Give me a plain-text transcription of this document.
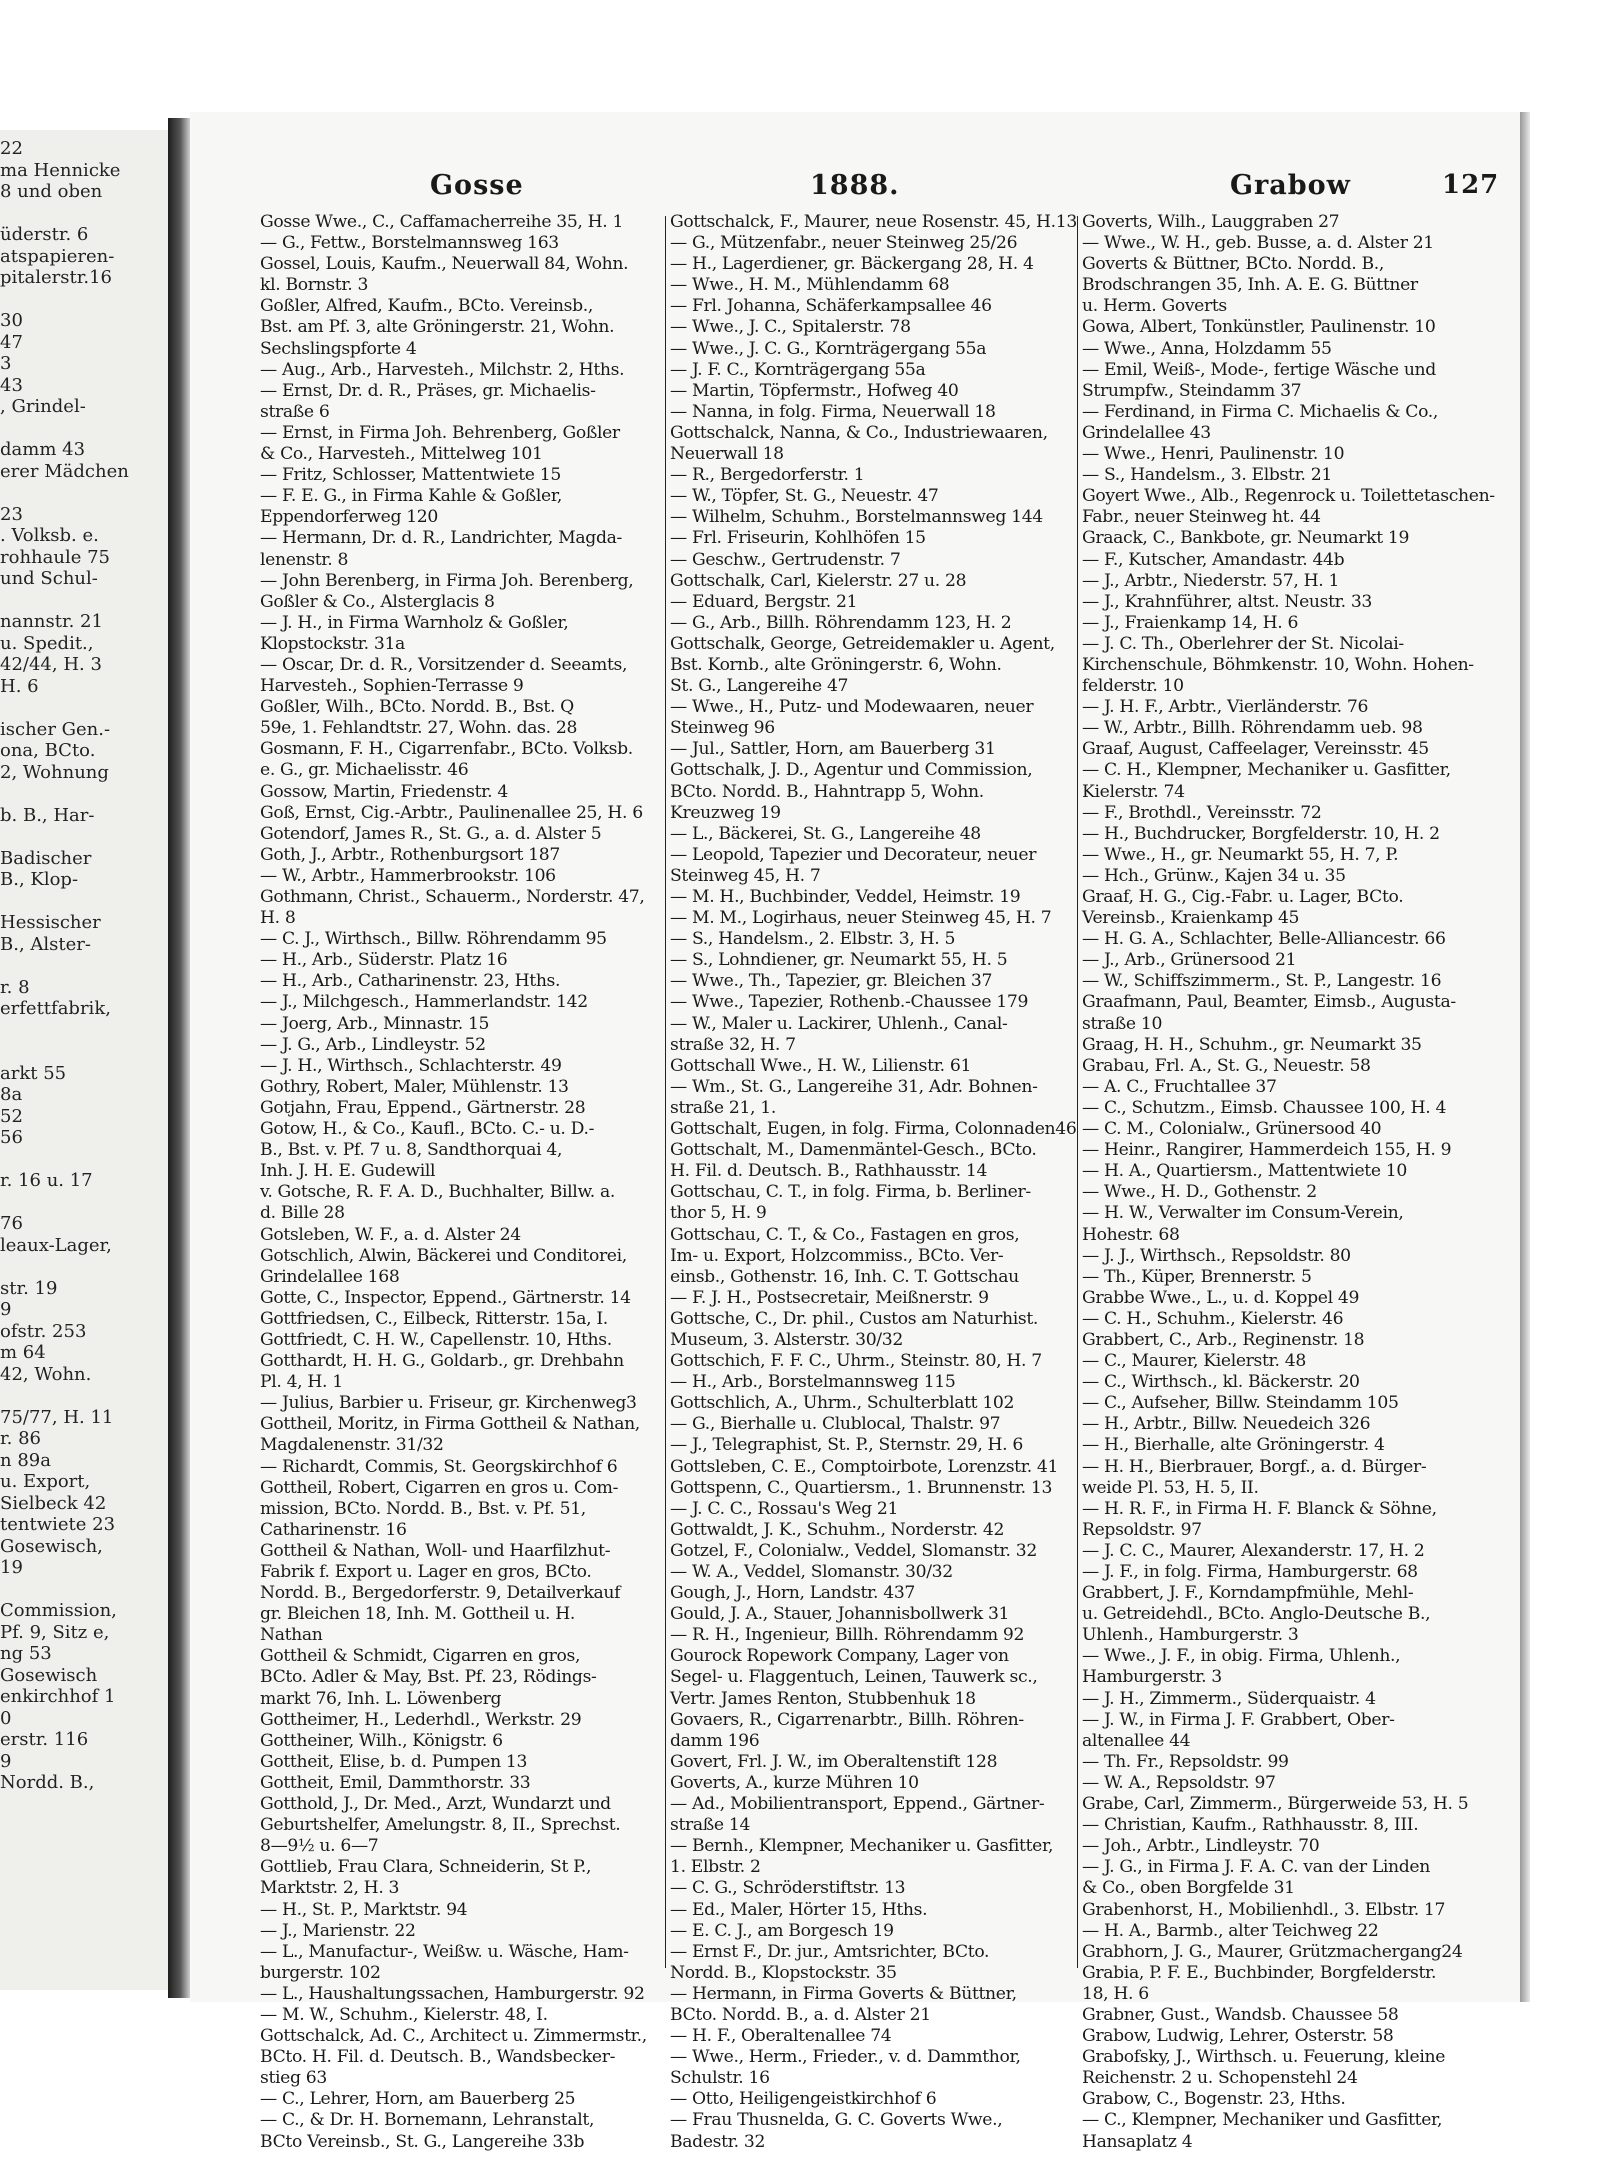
22
ma Hennicke
8 und oben
üderstr. 6
atspapieren-
pitalerstr.16
30
47
3
43
, Grindel-
damm 43
erer Mädchen
23
. Volksb. e.
rohhaule 75
und Schul-
nannstr. 21
u. Spedit.,
42/44, H. 3
H. 6
ischer Gen.-
ona, BCto.
2, Wohnung
b. B., Har-
Badischer
B., Klop-
Hessischer
B., Alster-
r. 8
erfettfabrik,
arkt 55
8a
52
56
r. 16 u. 17
76
leaux-Lager,
str. 19
9
ofstr. 253
m 64
42, Wohn.
75/77, H. 11
r. 86
n 89a
u. Export,
Sielbeck 42
tentwiete 23
Gosewisch,
19
Commission,
Pf. 9, Sitz e,
ng 53
Gosewisch
enkirchhof 1
0
erstr. 116
9
Nordd. B.,
Gosse	1888.	Grabow	127
Gosse Wwe., C., Caffamacherreihe 35, H. 1
— G., Fettw., Borstelmannsweg 163
Gossel, Louis, Kaufm., Neuerwall 84, Wohn.
kl. Bornstr. 3
Goßler, Alfred, Kaufm., BCto. Vereinsb.,
Bst. am Pf. 3, alte Gröningerstr. 21, Wohn.
Sechslingspforte 4
— Aug., Arb., Harvesteh., Milchstr. 2, Hths.
— Ernst, Dr. d. R., Präses, gr. Michaelis-
straße 6
— Ernst, in Firma Joh. Behrenberg, Goßler
& Co., Harvesteh., Mittelweg 101
— Fritz, Schlosser, Mattentwiete 15
— F. E. G., in Firma Kahle & Goßler,
Eppendorferweg 120
— Hermann, Dr. d. R., Landrichter, Magda-
lenenstr. 8
— John Berenberg, in Firma Joh. Berenberg,
Goßler & Co., Alsterglacis 8
— J. H., in Firma Warnholz & Goßler,
Klopstockstr. 31a
— Oscar, Dr. d. R., Vorsitzender d. Seeamts,
Harvesteh., Sophien-Terrasse 9
Goßler, Wilh., BCto. Nordd. B., Bst. Q
59e, 1. Fehlandtstr. 27, Wohn. das. 28
Gosmann, F. H., Cigarrenfabr., BCto. Volksb.
e. G., gr. Michaelisstr. 46
Gossow, Martin, Friedenstr. 4
Goß, Ernst, Cig.-Arbtr., Paulinenallee 25, H. 6
Gotendorf, James R., St. G., a. d. Alster 5
Goth, J., Arbtr., Rothenburgsort 187
— W., Arbtr., Hammerbrookstr. 106
Gothmann, Christ., Schauerm., Norderstr. 47,
H. 8
— C. J., Wirthsch., Billw. Röhrendamm 95
— H., Arb., Süderstr. Platz 16
— H., Arb., Catharinenstr. 23, Hths.
— J., Milchgesch., Hammerlandstr. 142
— Joerg, Arb., Minnastr. 15
— J. G., Arb., Lindleystr. 52
— J. H., Wirthsch., Schlachterstr. 49
Gothry, Robert, Maler, Mühlenstr. 13
Gotjahn, Frau, Eppend., Gärtnerstr. 28
Gotow, H., & Co., Kaufl., BCto. C.- u. D.-
B., Bst. v. Pf. 7 u. 8, Sandthorquai 4,
Inh. J. H. E. Gudewill
v. Gotsche, R. F. A. D., Buchhalter, Billw. a.
d. Bille 28
Gotsleben, W. F., a. d. Alster 24
Gotschlich, Alwin, Bäckerei und Conditorei,
Grindelallee 168
Gotte, C., Inspector, Eppend., Gärtnerstr. 14
Gottfriedsen, C., Eilbeck, Ritterstr. 15a, I.
Gottfriedt, C. H. W., Capellenstr. 10, Hths.
Gotthardt, H. H. G., Goldarb., gr. Drehbahn
Pl. 4, H. 1
— Julius, Barbier u. Friseur, gr. Kirchenweg3
Gottheil, Moritz, in Firma Gottheil & Nathan,
Magdalenenstr. 31/32
— Richardt, Commis, St. Georgskirchhof 6
Gottheil, Robert, Cigarren en gros u. Com-
mission, BCto. Nordd. B., Bst. v. Pf. 51,
Catharinenstr. 16
Gottheil & Nathan, Woll- und Haarfilzhut-
Fabrik f. Export u. Lager en gros, BCto.
Nordd. B., Bergedorferstr. 9, Detailverkauf
gr. Bleichen 18, Inh. M. Gottheil u. H.
Nathan
Gottheil & Schmidt, Cigarren en gros,
BCto. Adler & May, Bst. Pf. 23, Rödings-
markt 76, Inh. L. Löwenberg
Gottheimer, H., Lederhdl., Werkstr. 29
Gottheiner, Wilh., Königstr. 6
Gottheit, Elise, b. d. Pumpen 13
Gottheit, Emil, Dammthorstr. 33
Gotthold, J., Dr. Med., Arzt, Wundarzt und
Geburtshelfer, Amelungstr. 8, II., Sprechst.
8—9½ u. 6—7
Gottlieb, Frau Clara, Schneiderin, St P.,
Marktstr. 2, H. 3
— H., St. P., Marktstr. 94
— J., Marienstr. 22
— L., Manufactur-, Weißw. u. Wäsche, Ham-
burgerstr. 102
— L., Haushaltungssachen, Hamburgerstr. 92
— M. W., Schuhm., Kielerstr. 48, I.
Gottschalck, Ad. C., Architect u. Zimmermstr.,
BCto. H. Fil. d. Deutsch. B., Wandsbecker-
stieg 63
— C., Lehrer, Horn, am Bauerberg 25
— C., & Dr. H. Bornemann, Lehranstalt,
BCto Vereinsb., St. G., Langereihe 33b
Gottschalck, F., Maurer, neue Rosenstr. 45, H.13
— G., Mützenfabr., neuer Steinweg 25/26
— H., Lagerdiener, gr. Bäckergang 28, H. 4
— Wwe., H. M., Mühlendamm 68
— Frl. Johanna, Schäferkampsallee 46
— Wwe., J. C., Spitalerstr. 78
— Wwe., J. C. G., Kornträgergang 55a
— J. F. C., Kornträgergang 55a
— Martin, Töpfermstr., Hofweg 40
— Nanna, in folg. Firma, Neuerwall 18
Gottschalck, Nanna, & Co., Industriewaaren,
Neuerwall 18
— R., Bergedorferstr. 1
— W., Töpfer, St. G., Neuestr. 47
— Wilhelm, Schuhm., Borstelmannsweg 144
— Frl. Friseurin, Kohlhöfen 15
— Geschw., Gertrudenstr. 7
Gottschalk, Carl, Kielerstr. 27 u. 28
— Eduard, Bergstr. 21
— G., Arb., Billh. Röhrendamm 123, H. 2
Gottschalk, George, Getreidemakler u. Agent,
Bst. Kornb., alte Gröningerstr. 6, Wohn.
St. G., Langereihe 47
— Wwe., H., Putz- und Modewaaren, neuer
Steinweg 96
— Jul., Sattler, Horn, am Bauerberg 31
Gottschalk, J. D., Agentur und Commission,
BCto. Nordd. B., Hahntrapp 5, Wohn.
Kreuzweg 19
— L., Bäckerei, St. G., Langereihe 48
— Leopold, Tapezier und Decorateur, neuer
Steinweg 45, H. 7
— M. H., Buchbinder, Veddel, Heimstr. 19
— M. M., Logirhaus, neuer Steinweg 45, H. 7
— S., Handelsm., 2. Elbstr. 3, H. 5
— S., Lohndiener, gr. Neumarkt 55, H. 5
— Wwe., Th., Tapezier, gr. Bleichen 37
— Wwe., Tapezier, Rothenb.-Chaussee 179
— W., Maler u. Lackirer, Uhlenh., Canal-
straße 32, H. 7
Gottschall Wwe., H. W., Lilienstr. 61
— Wm., St. G., Langereihe 31, Adr. Bohnen-
straße 21, 1.
Gottschalt, Eugen, in folg. Firma, Colonnaden46
Gottschalt, M., Damenmäntel-Gesch., BCto.
H. Fil. d. Deutsch. B., Rathhausstr. 14
Gottschau, C. T., in folg. Firma, b. Berliner-
thor 5, H. 9
Gottschau, C. T., & Co., Fastagen en gros,
Im- u. Export, Holzcommiss., BCto. Ver-
einsb., Gothenstr. 16, Inh. C. T. Gottschau
— F. J. H., Postsecretair, Meißnerstr. 9
Gottsche, C., Dr. phil., Custos am Naturhist.
Museum, 3. Alsterstr. 30/32
Gottschich, F. F. C., Uhrm., Steinstr. 80, H. 7
— H., Arb., Borstelmannsweg 115
Gottschlich, A., Uhrm., Schulterblatt 102
— G., Bierhalle u. Clublocal, Thalstr. 97
— J., Telegraphist, St. P., Sternstr. 29, H. 6
Gottsleben, C. E., Comptoirbote, Lorenzstr. 41
Gottspenn, C., Quartiersm., 1. Brunnenstr. 13
— J. C. C., Rossau's Weg 21
Gottwaldt, J. K., Schuhm., Norderstr. 42
Gotzel, F., Colonialw., Veddel, Slomanstr. 32
— W. A., Veddel, Slomanstr. 30/32
Gough, J., Horn, Landstr. 437
Gould, J. A., Stauer, Johannisbollwerk 31
— R. H., Ingenieur, Billh. Röhrendamm 92
Gourock Ropework Company, Lager von
Segel- u. Flaggentuch, Leinen, Tauwerk sc.,
Vertr. James Renton, Stubbenhuk 18
Govaers, R., Cigarrenarbtr., Billh. Röhren-
damm 196
Govert, Frl. J. W., im Oberaltenstift 128
Goverts, A., kurze Mühren 10
— Ad., Mobilientransport, Eppend., Gärtner-
straße 14
— Bernh., Klempner, Mechaniker u. Gasfitter,
1. Elbstr. 2
— C. G., Schröderstiftstr. 13
— Ed., Maler, Hörter 15, Hths.
— E. C. J., am Borgesch 19
— Ernst F., Dr. jur., Amtsrichter, BCto.
Nordd. B., Klopstockstr. 35
— Hermann, in Firma Goverts & Büttner,
BCto. Nordd. B., a. d. Alster 21
— H. F., Oberaltenallee 74
— Wwe., Herm., Frieder., v. d. Dammthor,
Schulstr. 16
— Otto, Heiligengeistkirchhof 6
— Frau Thusnelda, G. C. Goverts Wwe.,
Badestr. 32
Goverts, Wilh., Lauggraben 27
— Wwe., W. H., geb. Busse, a. d. Alster 21
Goverts & Büttner, BCto. Nordd. B.,
Brodschrangen 35, Inh. A. E. G. Büttner
u. Herm. Goverts
Gowa, Albert, Tonkünstler, Paulinenstr. 10
— Wwe., Anna, Holzdamm 55
— Emil, Weiß-, Mode-, fertige Wäsche und
Strumpfw., Steindamm 37
— Ferdinand, in Firma C. Michaelis & Co.,
Grindelallee 43
— Wwe., Henri, Paulinenstr. 10
— S., Handelsm., 3. Elbstr. 21
Goyert Wwe., Alb., Regenrock u. Toilettetaschen-
Fabr., neuer Steinweg ht. 44
Graack, C., Bankbote, gr. Neumarkt 19
— F., Kutscher, Amandastr. 44b
— J., Arbtr., Niederstr. 57, H. 1
— J., Krahnführer, altst. Neustr. 33
— J., Fraienkamp 14, H. 6
— J. C. Th., Oberlehrer der St. Nicolai-
Kirchenschule, Böhmkenstr. 10, Wohn. Hohen-
felderstr. 10
— J. H. F., Arbtr., Vierländerstr. 76
— W., Arbtr., Billh. Röhrendamm ueb. 98
Graaf, August, Caffeelager, Vereinsstr. 45
— C. H., Klempner, Mechaniker u. Gasfitter,
Kielerstr. 74
— F., Brothdl., Vereinsstr. 72
— H., Buchdrucker, Borgfelderstr. 10, H. 2
— Wwe., H., gr. Neumarkt 55, H. 7, P.
— Hch., Grünw., Kajen 34 u. 35
Graaf, H. G., Cig.-Fabr. u. Lager, BCto.
Vereinsb., Kraienkamp 45
— H. G. A., Schlachter, Belle-Alliancestr. 66
— J., Arb., Grünersood 21
— W., Schiffszimmerm., St. P., Langestr. 16
Graafmann, Paul, Beamter, Eimsb., Augusta-
straße 10
Graag, H. H., Schuhm., gr. Neumarkt 35
Grabau, Frl. A., St. G., Neuestr. 58
— A. C., Fruchtallee 37
— C., Schutzm., Eimsb. Chaussee 100, H. 4
— C. M., Colonialw., Grünersood 40
— Heinr., Rangirer, Hammerdeich 155, H. 9
— H. A., Quartiersm., Mattentwiete 10
— Wwe., H. D., Gothenstr. 2
— H. W., Verwalter im Consum-Verein,
Hohestr. 68
— J. J., Wirthsch., Repsoldstr. 80
— Th., Küper, Brennerstr. 5
Grabbe Wwe., L., u. d. Koppel 49
— C. H., Schuhm., Kielerstr. 46
Grabbert, C., Arb., Reginenstr. 18
— C., Maurer, Kielerstr. 48
— C., Wirthsch., kl. Bäckerstr. 20
— C., Aufseher, Billw. Steindamm 105
— H., Arbtr., Billw. Neuedeich 326
— H., Bierhalle, alte Gröningerstr. 4
— H. H., Bierbrauer, Borgf., a. d. Bürger-
weide Pl. 53, H. 5, II.
— H. R. F., in Firma H. F. Blanck & Söhne,
Repsoldstr. 97
— J. C. C., Maurer, Alexanderstr. 17, H. 2
— J. F., in folg. Firma, Hamburgerstr. 68
Grabbert, J. F., Korndampfmühle, Mehl-
u. Getreidehdl., BCto. Anglo-Deutsche B.,
Uhlenh., Hamburgerstr. 3
— Wwe., J. F., in obig. Firma, Uhlenh.,
Hamburgerstr. 3
— J. H., Zimmerm., Süderquaistr. 4
— J. W., in Firma J. F. Grabbert, Ober-
altenallee 44
— Th. Fr., Repsoldstr. 99
— W. A., Repsoldstr. 97
Grabe, Carl, Zimmerm., Bürgerweide 53, H. 5
— Christian, Kaufm., Rathhausstr. 8, III.
— Joh., Arbtr., Lindleystr. 70
— J. G., in Firma J. F. A. C. van der Linden
& Co., oben Borgfelde 31
Grabenhorst, H., Mobilienhdl., 3. Elbstr. 17
— H. A., Barmb., alter Teichweg 22
Grabhorn, J. G., Maurer, Grützmachergang24
Grabia, P. F. E., Buchbinder, Borgfelderstr.
18, H. 6
Grabner, Gust., Wandsb. Chaussee 58
Grabow, Ludwig, Lehrer, Osterstr. 58
Grabofsky, J., Wirthsch. u. Feuerung, kleine
Reichenstr. 2 u. Schopenstehl 24
Grabow, C., Bogenstr. 23, Hths.
— C., Klempner, Mechaniker und Gasfitter,
Hansaplatz 4
